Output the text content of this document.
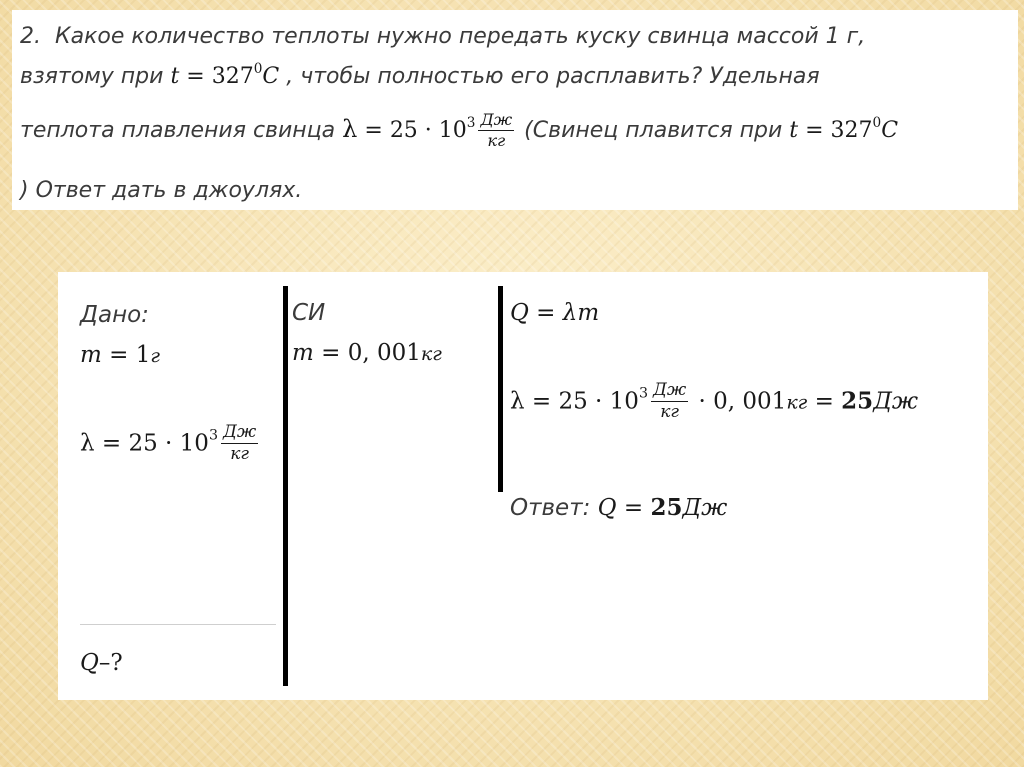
2. Какое количество теплоты нужно передать куску свинца массой 1 г,
взятому при $t = 327^0C$ , чтобы полностью его расплавить? Удельная
теплота плавления свинца $\lambda = 25 \cdot 10^3 \frac{Дж}{кг}$ (Свинец плавится при $t = 327^0C$
) Ответ дать в джоулях.
Дано:
m = 1г
$\lambda = 25 \cdot 10^3 \frac{Дж}{кг}$
Q–?
СИ
m = 0, 001кг
Q = λm
$\lambda = 25 \cdot 10^3 \frac{Дж}{кг} \cdot 0$, 001кг = 25Дж
Ответ: Q = 25Дж
